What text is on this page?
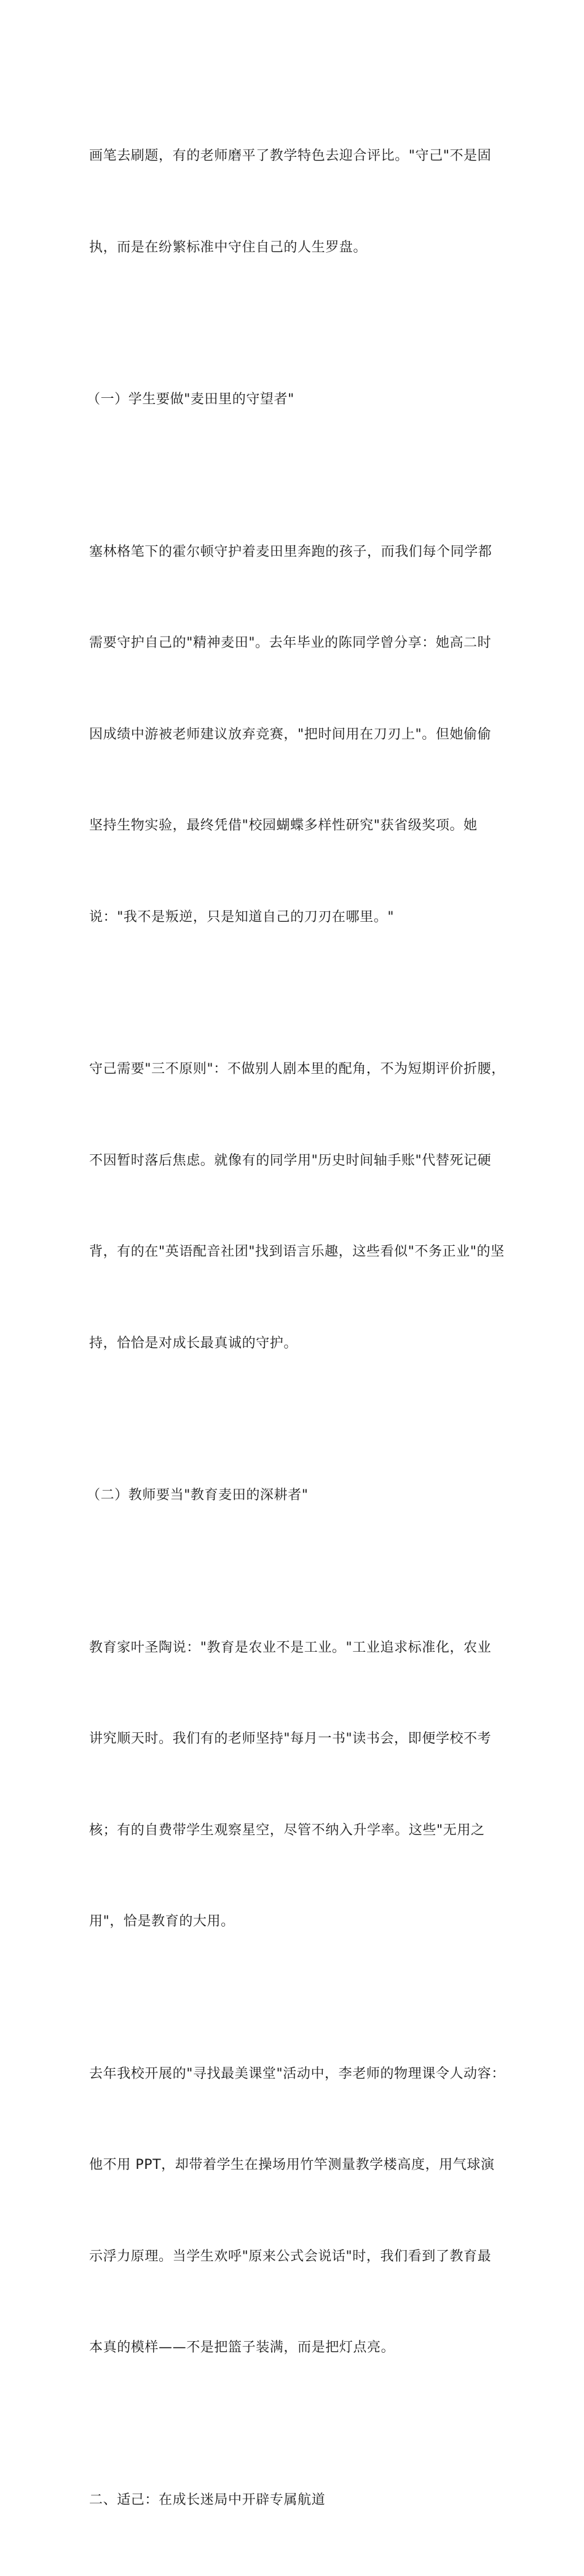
画笔去刷题，有的老师磨平了教学特色去迎合评比。"守己"不是固

执，而是在纷繁标准中守住自己的人生罗盘。

（一）学生要做"麦田里的守望者"

塞林格笔下的霍尔顿守护着麦田里奔跑的孩子，而我们每个同学都

需要守护自己的"精神麦田"。去年毕业的陈同学曾分享：她高二时

因成绩中游被老师建议放弃竞赛，"把时间用在刀刃上"。但她偷偷

坚持生物实验，最终凭借"校园蝴蝶多样性研究"获省级奖项。她

说："我不是叛逆，只是知道自己的刀刃在哪里。"

守己需要"三不原则"：不做别人剧本里的配角，不为短期评价折腰，

不因暂时落后焦虑。就像有的同学用"历史时间轴手账"代替死记硬

背，有的在"英语配音社团"找到语言乐趣，这些看似"不务正业"的坚

持，恰恰是对成长最真诚的守护。

（二）教师要当"教育麦田的深耕者"

教育家叶圣陶说："教育是农业不是工业。"工业追求标准化，农业

讲究顺天时。我们有的老师坚持"每月一书"读书会，即便学校不考

核；有的自费带学生观察星空，尽管不纳入升学率。这些"无用之

用"，恰是教育的大用。

去年我校开展的"寻找最美课堂"活动中，李老师的物理课令人动容：

他不用 PPT，却带着学生在操场用竹竿测量教学楼高度，用气球演

示浮力原理。当学生欢呼"原来公式会说话"时，我们看到了教育最

本真的模样——不是把篮子装满，而是把灯点亮。

二、适己：在成长迷局中开辟专属航道
